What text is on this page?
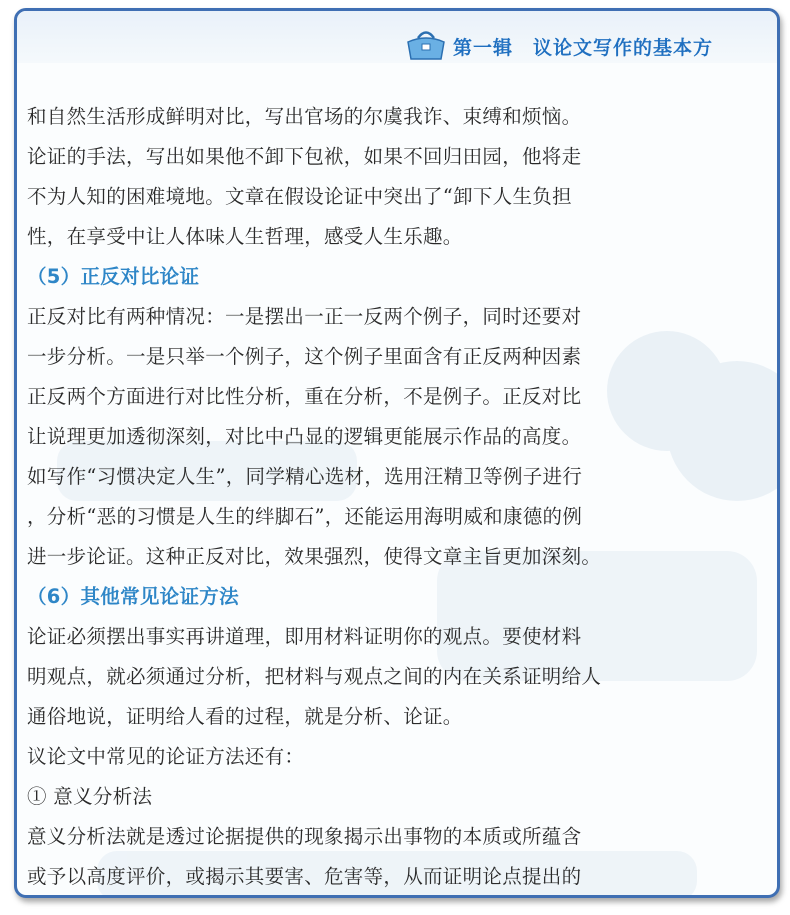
第一辑 议论文写作的基本方
和自然生活形成鲜明对比，写出官场的尔虞我诈、束缚和烦恼。
论证的手法，写出如果他不卸下包袱，如果不回归田园，他将走
不为人知的困难境地。文章在假设论证中突出了“卸下人生负担
性，在享受中让人体味人生哲理，感受人生乐趣。
（5）正反对比论证
正反对比有两种情况：一是摆出一正一反两个例子，同时还要对
一步分析。一是只举一个例子，这个例子里面含有正反两种因素
正反两个方面进行对比性分析，重在分析，不是例子。正反对比
让说理更加透彻深刻，对比中凸显的逻辑更能展示作品的高度。
如写作“习惯决定人生”，同学精心选材，选用汪精卫等例子进行
，分析“恶的习惯是人生的绊脚石”，还能运用海明威和康德的例
进一步论证。这种正反对比，效果强烈，使得文章主旨更加深刻。
（6）其他常见论证方法
论证必须摆出事实再讲道理，即用材料证明你的观点。要使材料
明观点，就必须通过分析，把材料与观点之间的内在关系证明给人
通俗地说，证明给人看的过程，就是分析、论证。
议论文中常见的论证方法还有：
① 意义分析法
意义分析法就是透过论据提供的现象揭示出事物的本质或所蕴含
或予以高度评价，或揭示其要害、危害等，从而证明论点提出的
